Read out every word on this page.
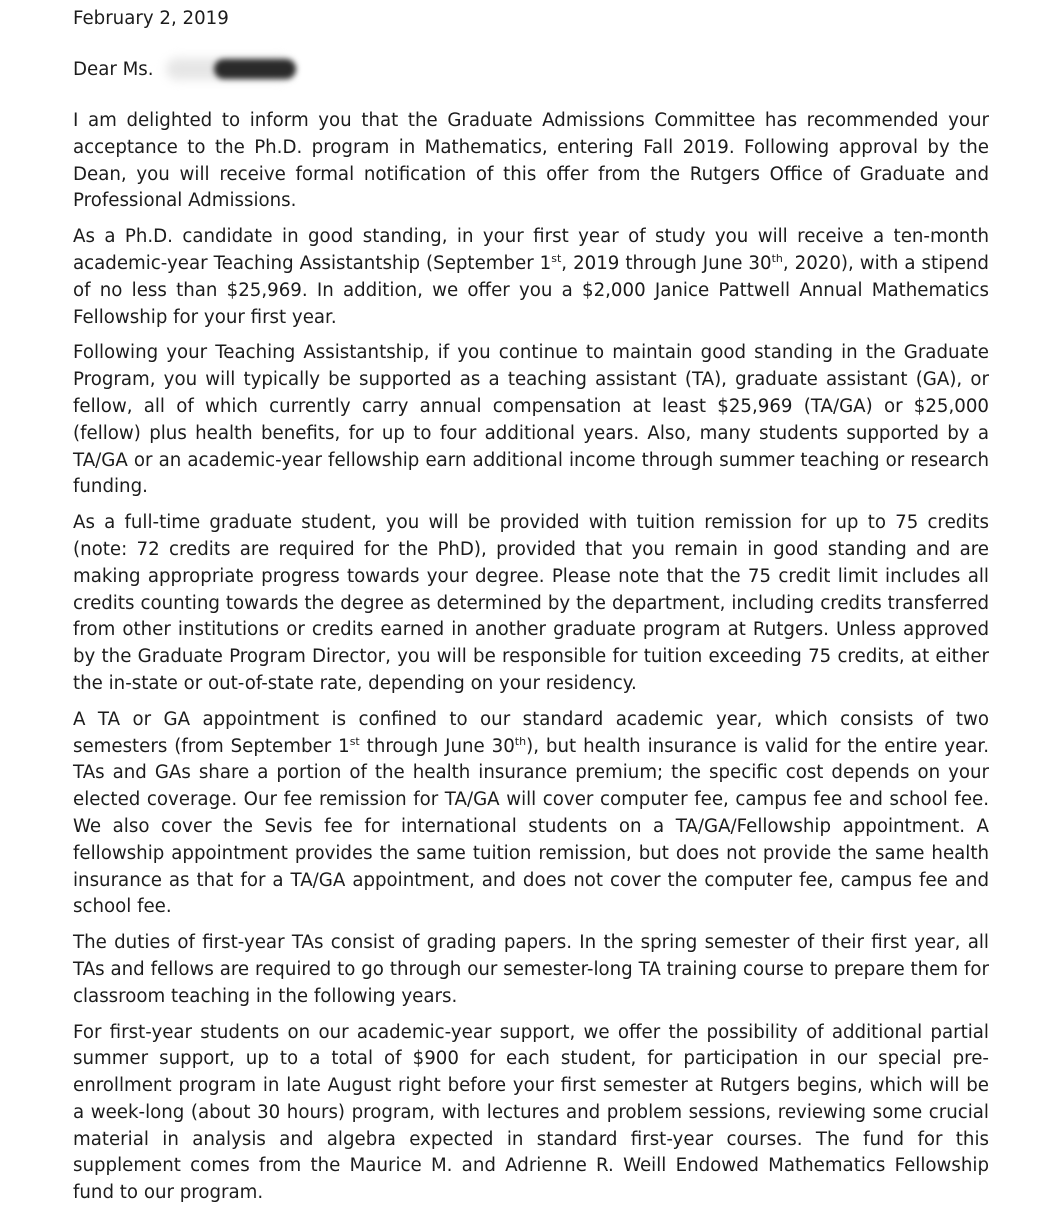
February 2, 2019
Dear Ms.

I am delighted to inform you that the Graduate Admissions Committee has recommended your acceptance to the Ph.D. program in Mathematics, entering Fall 2019. Following approval by the Dean, you will receive formal notification of this offer from the Rutgers Office of Graduate and Professional Admissions.

As a Ph.D. candidate in good standing, in your first year of study you will receive a ten-month academic-year Teaching Assistantship (September 1st, 2019 through June 30th, 2020), with a stipend of no less than $25,969. In addition, we offer you a $2,000 Janice Pattwell Annual Mathematics Fellowship for your first year.

Following your Teaching Assistantship, if you continue to maintain good standing in the Graduate Program, you will typically be supported as a teaching assistant (TA), graduate assistant (GA), or fellow, all of which currently carry annual compensation at least $25,969 (TA/GA) or $25,000 (fellow) plus health benefits, for up to four additional years. Also, many students supported by a TA/GA or an academic-year fellowship earn additional income through summer teaching or research funding.

As a full-time graduate student, you will be provided with tuition remission for up to 75 credits (note: 72 credits are required for the PhD), provided that you remain in good standing and are making appropriate progress towards your degree. Please note that the 75 credit limit includes all credits counting towards the degree as determined by the department, including credits transferred from other institutions or credits earned in another graduate program at Rutgers. Unless approved by the Graduate Program Director, you will be responsible for tuition exceeding 75 credits, at either the in-state or out-of-state rate, depending on your residency.

A TA or GA appointment is confined to our standard academic year, which consists of two semesters (from September 1st through June 30th), but health insurance is valid for the entire year. TAs and GAs share a portion of the health insurance premium; the specific cost depends on your elected coverage. Our fee remission for TA/GA will cover computer fee, campus fee and school fee. We also cover the Sevis fee for international students on a TA/GA/Fellowship appointment. A fellowship appointment provides the same tuition remission, but does not provide the same health insurance as that for a TA/GA appointment, and does not cover the computer fee, campus fee and school fee.

The duties of first-year TAs consist of grading papers. In the spring semester of their first year, all TAs and fellows are required to go through our semester-long TA training course to prepare them for classroom teaching in the following years.

For first-year students on our academic-year support, we offer the possibility of additional partial summer support, up to a total of $900 for each student, for participation in our special pre-enrollment program in late August right before your first semester at Rutgers begins, which will be a week-long (about 30 hours) program, with lectures and problem sessions, reviewing some crucial material in analysis and algebra expected in standard first-year courses. The fund for this supplement comes from the Maurice M. and Adrienne R. Weill Endowed Mathematics Fellowship fund to our program.
